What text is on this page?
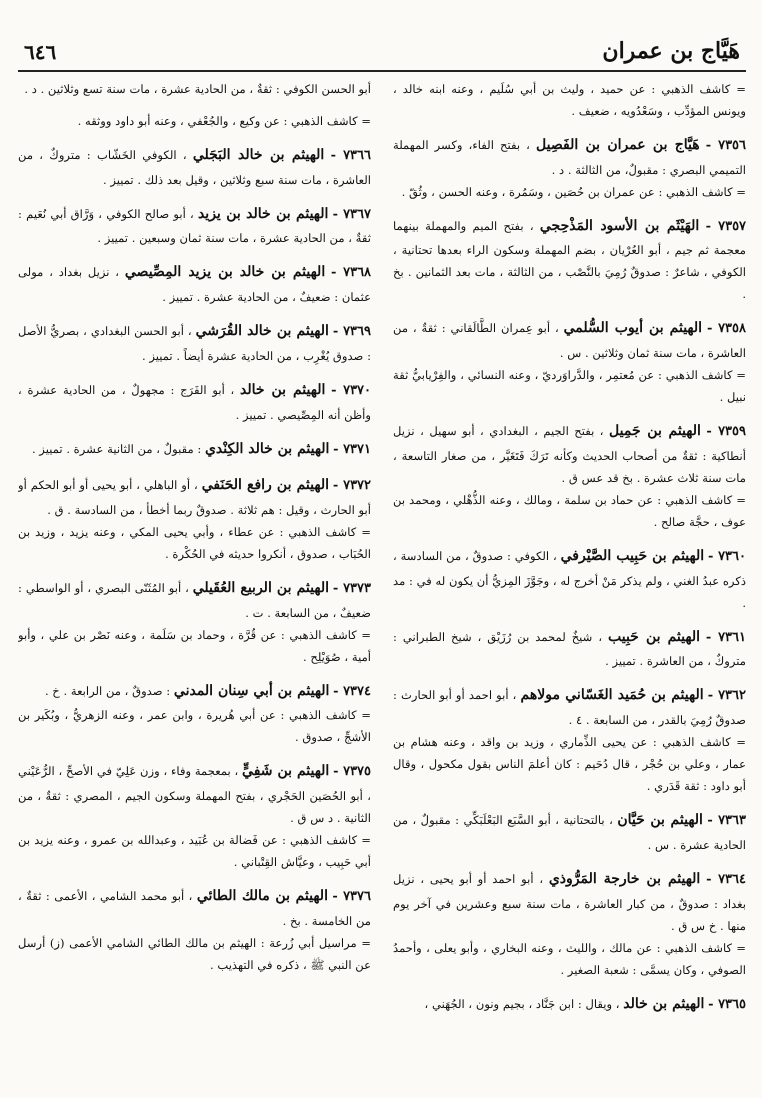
هَيَّاج بن عمران
٦٤٦

= كاشف الذهبي : عن حميد ، وليث بن أبي سُلَيم ، وعنه ابنه خالد ، ويونس المؤدِّب ، وسَعْدُويه ، ضعيف .

٧٣٥٦ - هَيَّاج بن عمران بن الفَصِيل ، بفتح الفاء، وكسر المهملة التميمي البصري : مقبولٌ، من الثالثة . د .

= كاشف الذهبي : عن عمران بن حُصَين ، وسَمُرة ، وعنه الحسن ، وثُقّ .

٧٣٥٧ - الهَيْثَم بن الأسود المَذْحِجي ، بفتح الميم والمهملة بينهما معجمة ثم جيم ، أبو العُرْيان ، بضم المهملة وسكون الراء بعدها تحتانية ، الكوفي ، شاعرٌ : صدوقٌ رُمِيَ بالنَّصْب ، من الثالثة ، مات بعد الثمانين . بخ .

٧٣٥٨ - الهيثم بن أيوب السُّلمي ، أبو عِمران الطَّالَقاني : ثقةٌ ، من العاشرة ، مات سنة ثمان وثلاثين . س .

= كاشف الذهبي : عن مُعتمِر ، والدَّراوَرديّ ، وعنه النسائي ، والفِرْيابيُّ ثقة نبيل .

٧٣٥٩ - الهيثم بن جَمِيل ، بفتح الجيم ، البغدادي ، أبو سهيل ، نزيل أنطاكية : ثقةٌ من أصحاب الحديث وكأنه تَرَكَ فَتَغَيَّر ، من صغار التاسعة ، مات سنة ثلاث عشرة . بخ قد عس ق .

= كاشف الذهبي : عن حماد بن سلمة ، ومالك ، وعنه الذُّهْلي ، ومحمد بن عوف ، حجَّة صالح .

٧٣٦٠ - الهيثم بن حَبِيب الصَّيْرفي ، الكوفي : صدوقٌ ، من السادسة ، ذكره عبدُ الغني ، ولم يذكر مَنْ أخرج له ، وجَوَّزَ المِزيُّ أن يكون له في : مد .

٧٣٦١ - الهيثم بن حَبِيب ، شيخٌ لمحمد بن رُزَيْق ، شيخ الطبراني : متروكٌ ، من العاشرة . تمييز .

٧٣٦٢ - الهيثم بن حُمَيد الغَسّاني مولاهم ، أبو احمد أو أبو الحارث : صدوقٌ رُمِيَ بالقدر ، من السابعة . ٤ .

= كاشف الذهبي : عن يحيى الذِّماري ، وزيد بن واقد ، وعنه هشام بن عمار ، وعلي بن حُجْر ، قال دُحَيم : كان أعلمَ الناس بقول مكحول ، وقال أبو داود : ثقة قَدَري .

٧٣٦٣ - الهيثم بن حَيَّان ، بالتحتانية ، أبو السَّبَع البَعْلَبَكِّي : مقبولٌ ، من الحادية عشرة . س .

٧٣٦٤ - الهيثم بن خارجة المَرُّوذي ، أبو احمد أو أبو يحيى ، نزيل بغداد : صدوقٌ ، من كبار العاشرة ، مات سنة سبع وعشرين في آخر يوم منها . خ س ق .

= كاشف الذهبي : عن مالك ، والليث ، وعنه البخاري ، وأبو يعلى ، وأحمدُ الصوفي ، وكان يسمَّى : شعبة الصغير .

٧٣٦٥ - الهيثم بن خالد ، ويقال : ابن جَنَّاد ، بجيم ونون ، الجُهَني ،

أبو الحسن الكوفي : ثقةٌ ، من الحادية عشرة ، مات سنة تسع وثلاثين . د .

= كاشف الذهبي : عن وكيع ، والجُعْفي ، وعنه أبو داود ووثقه .

٧٣٦٦ - الهيثم بن خالد البَجَلي ، الكوفي الخَشّاب : متروكٌ ، من العاشرة ، مات سنة سبع وثلاثين ، وقيل بعد ذلك . تمييز .

٧٣٦٧ - الهيثم بن خالد بن يزيد ، أبو صالح الكوفي ، وَرَّاق أبي نُعَيم : ثقةٌ ، من الحادية عشرة ، مات سنة ثمان وسبعين . تمييز .

٧٣٦٨ - الهيثم بن خالد بن يزيد المِصِّيصي ، نزيل بغداد ، مولى عثمان : ضعيفٌ ، من الحادية عشرة . تمييز .

٧٣٦٩ - الهيثم بن خالد القُرَشي ، أبو الحسن البغدادي ، بصريُّ الأصل : صدوق يُغْرِب ، من الحادية عشرة أيضاً . تمييز .

٧٣٧٠ - الهيثم بن خالد ، أبو الفَرَج : مجهولٌ ، من الحادية عشرة ، وأظن أنه المِصِّيصي . تمييز .

٧٣٧١ - الهيثم بن خالد الكِنْدي : مقبولٌ ، من الثانية عشرة . تمييز .

٧٣٧٢ - الهيثم بن رافع الحَنَفي ، أو الباهلي ، أبو يحيى أو أبو الحكم أو أبو الحارث ، وقيل : هم ثلاثة . صدوقٌ ربما أخطأ ، من السادسة . ق .

= كاشف الذهبي : عن عطاء ، وأبي يحيى المكي ، وعنه يزيد ، وزيد بن الحُبَاب ، صدوق ، أنكروا حديثه في الحُكْرة .

٧٣٧٣ - الهيثم بن الربيع العُقَيلي ، أبو المُثَنّى البصري ، أو الواسطي : ضعيفٌ ، من السابعة . ت .

= كاشف الذهبي : عن قُرَّة ، وحماد بن سَلَمة ، وعنه نَصْر بن علي ، وأبو أمية ، صُوَيْلِح .

٧٣٧٤ - الهيثم بن أبي سِنان المدني : صدوقٌ ، من الرابعة . خ .

= كاشف الذهبي : عن أبي هُريرة ، وابن عمر ، وعنه الزهريُّ ، وبُكَير بن الأشجِّ ، صدوق .

٧٣٧٥ - الهيثم بن شَفِيٍّ ، بمعجمة وفاء ، وزن عَلِيّ في الأصحِّ ، الرُّعَيْني ، أبو الحُصَين الحَجْري ، بفتح المهملة وسكون الجيم ، المصري : ثقةٌ ، من الثانية . د س ق .

= كاشف الذهبي : عن فَضالة بن عُبَيد ، وعبدالله بن عمرو ، وعنه يزيد بن أبي حَبِيب ، وعيَّاش القِتْباني .

٧٣٧٦ - الهيثم بن مالك الطائي ، أبو محمد الشامي ، الأعمى : ثقةٌ ، من الخامسة . بخ .

= مراسيل أبي زُرعة : الهيثم بن مالك الطائي الشامي الأعمى (ز) أرسل عن النبي ﷺ ، ذكره في التهذيب .
